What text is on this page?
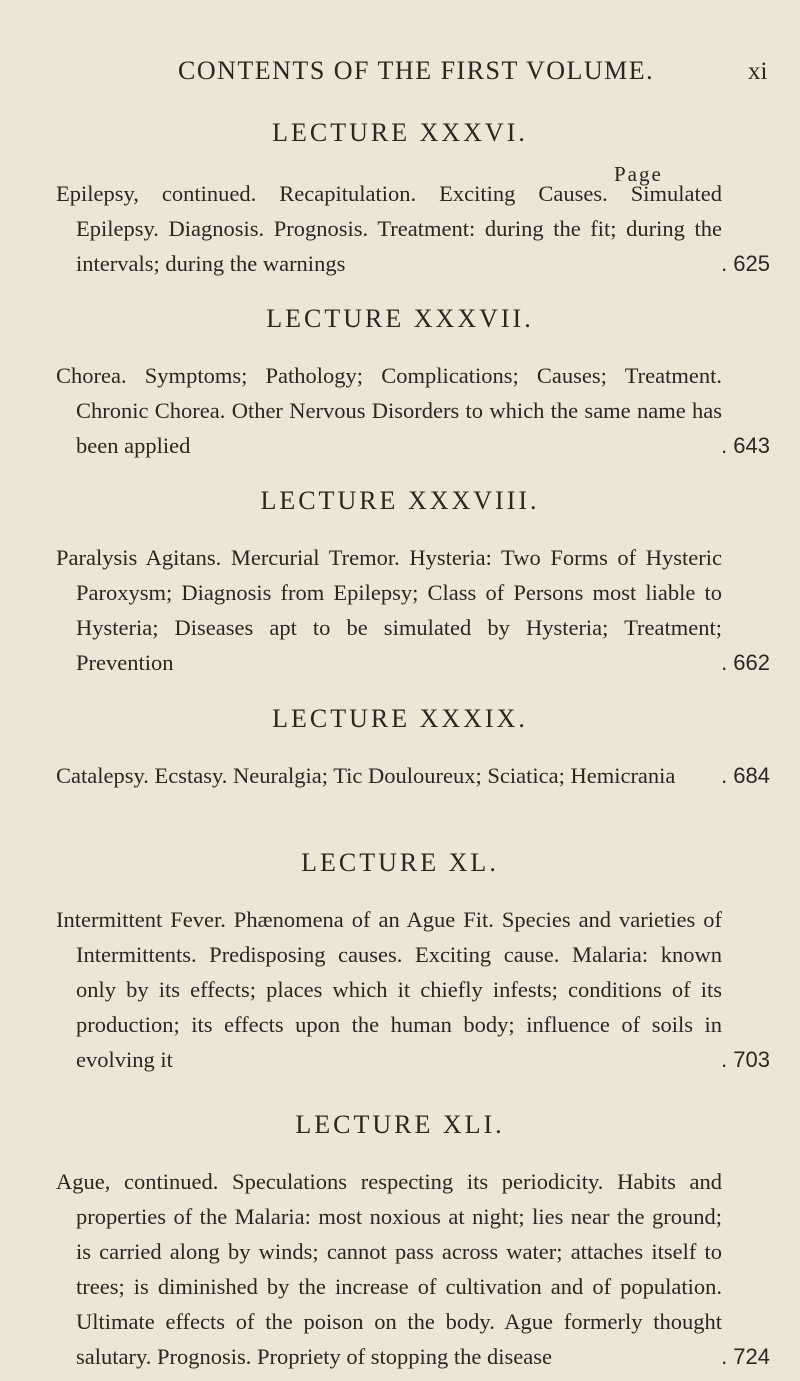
CONTENTS OF THE FIRST VOLUME.	xi
Page
LECTURE XXXVI.
Epilepsy, continued. Recapitulation. Exciting Causes. Simulated Epilepsy. Diagnosis. Prognosis. Treatment: during the fit; during the intervals; during the warnings	. 625
LECTURE XXXVII.
Chorea. Symptoms; Pathology; Complications; Causes; Treatment. Chronic Chorea. Other Nervous Disorders to which the same name has been applied	. 643
LECTURE XXXVIII.
Paralysis Agitans. Mercurial Tremor. Hysteria: Two Forms of Hysteric Paroxysm; Diagnosis from Epilepsy; Class of Persons most liable to Hysteria; Diseases apt to be simulated by Hysteria; Treatment; Prevention	. 662
LECTURE XXXIX.
Catalepsy. Ecstasy. Neuralgia; Tic Douloureux; Sciatica; Hemicrania	. 684
LECTURE XL.
Intermittent Fever. Phænomena of an Ague Fit. Species and varieties of Intermittents. Predisposing causes. Exciting cause. Malaria: known only by its effects; places which it chiefly infests; conditions of its production; its effects upon the human body; influence of soils in evolving it	. 703
LECTURE XLI.
Ague, continued. Speculations respecting its periodicity. Habits and properties of the Malaria: most noxious at night; lies near the ground; is carried along by winds; cannot pass across water; attaches itself to trees; is diminished by the increase of cultivation and of population. Ultimate effects of the poison on the body. Ague formerly thought salutary. Prognosis. Propriety of stopping the disease	. 724
